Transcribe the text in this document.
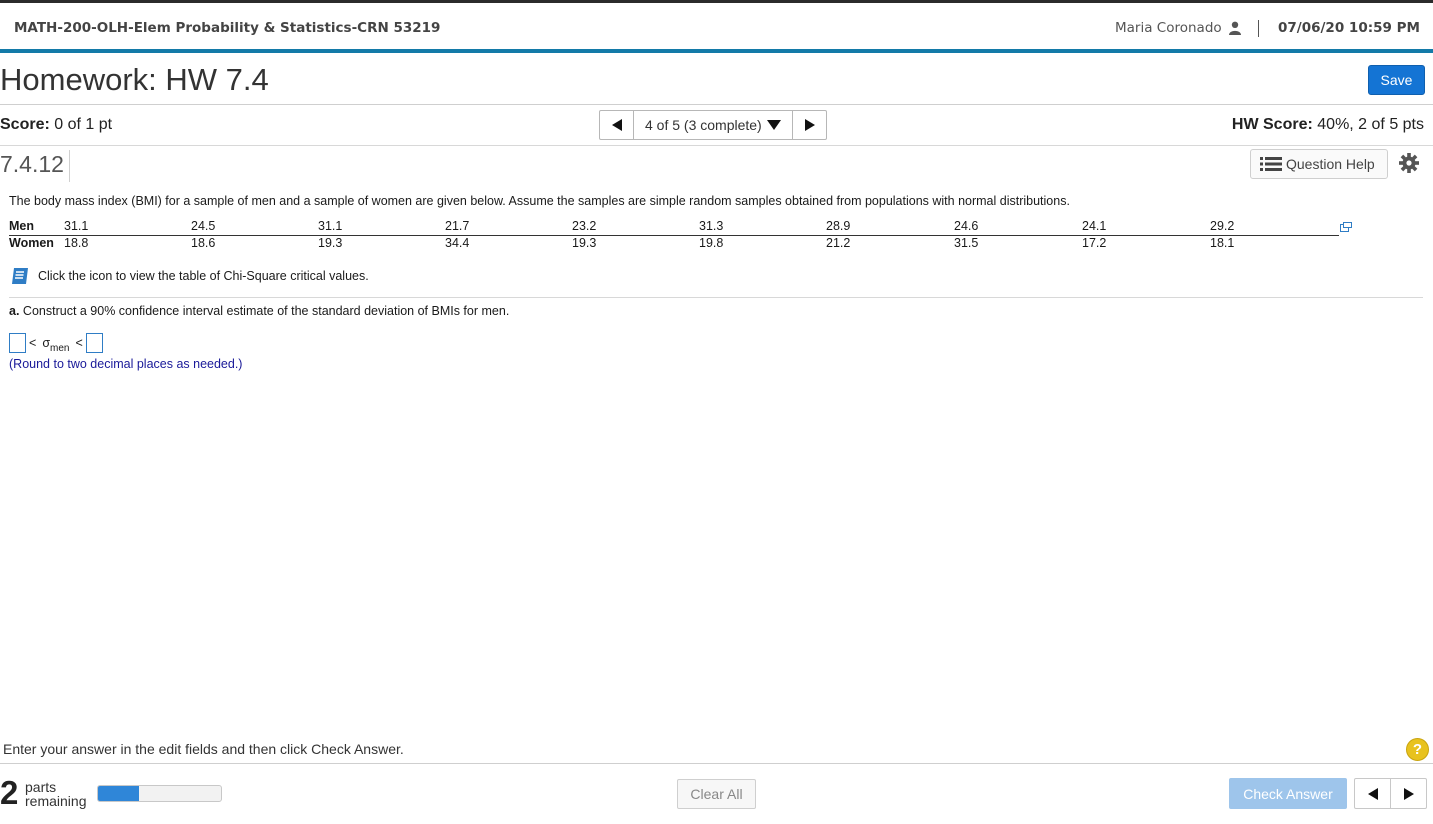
MATH-200-OLH-Elem Probability & Statistics-CRN 53219	Maria Coronado	07/06/20 10:59 PM
Homework: HW 7.4	Save
Score: 0 of 1 pt	4 of 5 (3 complete)	HW Score: 40%, 2 of 5 pts
7.4.12	Question Help
The body mass index (BMI) for a sample of men and a sample of women are given below. Assume the samples are simple random samples obtained from populations with normal distributions.
Men 31.1	24.5	31.1	21.7	23.2	31.3	28.9	24.6	24.1	29.2
Women 18.8	18.6	19.3	34.4	19.3	19.8	21.2	31.5	17.2	18.1
Click the icon to view the table of Chi-Square critical values.
a. Construct a 90% confidence interval estimate of the standard deviation of BMIs for men.
< $\sigma_{men}$ <
(Round to two decimal places as needed.)
Enter your answer in the edit fields and then click Check Answer.	?
2 parts
remaining	Clear All	Check Answer
